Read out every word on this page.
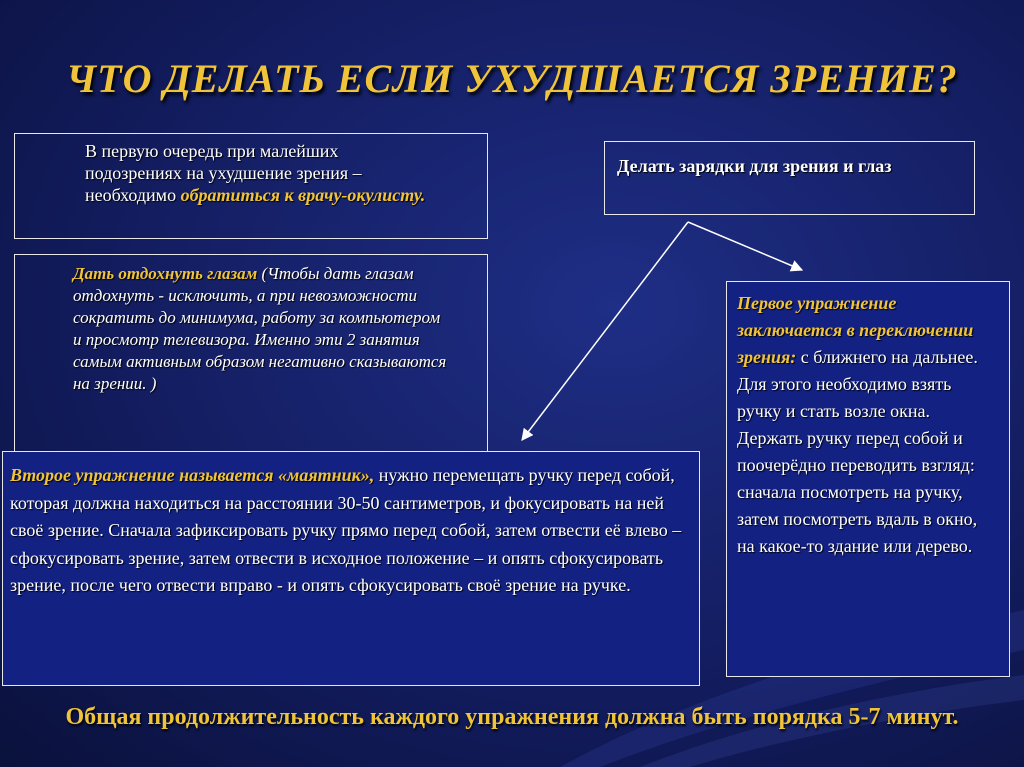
ЧТО ДЕЛАТЬ ЕСЛИ УХУДШАЕТСЯ ЗРЕНИЕ?
В первую очередь при малейших подозрениях на ухудшение зрения – необходимо обратиться к врачу-окулисту.
Дать отдохнуть глазам (Чтобы дать глазам отдохнуть - исключить, а при невозможности сократить до минимума, работу за компьютером и просмотр телевизора. Именно эти 2 занятия самым активным образом негативно сказываются на зрении. )
Делать зарядки для зрения и глаз
Первое упражнение заключается в переключении зрения: с ближнего на дальнее. Для этого необходимо взять ручку и стать возле окна. Держать ручку перед собой и поочерёдно переводить взгляд: сначала посмотреть на ручку, затем посмотреть вдаль в окно, на какое-то здание или дерево.
Второе упражнение называется «маятник», нужно перемещать ручку перед собой, которая должна находиться на расстоянии 30-50 сантиметров, и фокусировать на ней своё зрение. Сначала зафиксировать ручку прямо перед собой, затем отвести её влево – сфокусировать зрение, затем отвести в исходное положение – и опять сфокусировать зрение, после чего отвести вправо - и опять сфокусировать своё зрение на ручке.

Общая продолжительность каждого упражнения должна быть порядка 5-7 минут.
